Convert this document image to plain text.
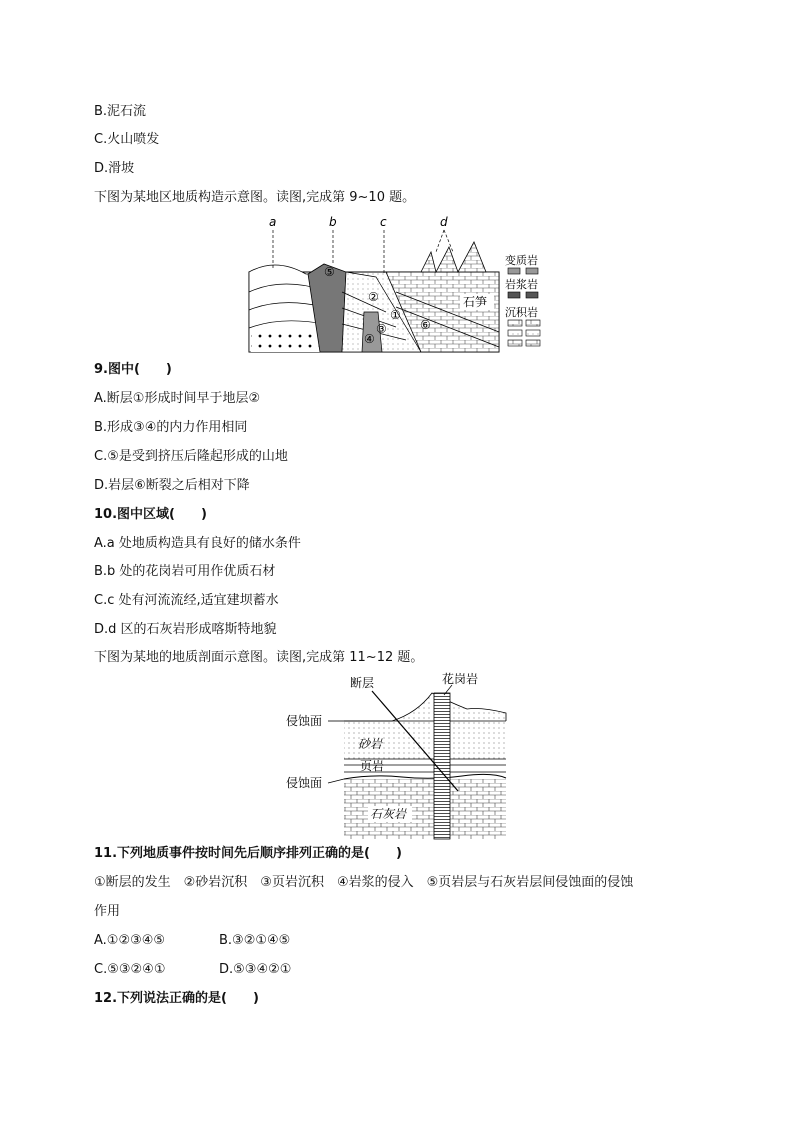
B.泥石流
C.火山喷发
D.滑坡
下图为某地区地质构造示意图。读图,完成第 9~10 题。
a	b	c	d
⑤
②
①
③
④
⑥
石笋
变质岩
岩浆岩
沉积岩
9.图中(　　)
A.断层①形成时间早于地层②
B.形成③④的内力作用相同
C.⑤是受到挤压后隆起形成的山地
D.岩层⑥断裂之后相对下降
10.图中区域(　　)
A.a 处地质构造具有良好的储水条件
B.b 处的花岗岩可用作优质石材
C.c 处有河流流经,适宜建坝蓄水
D.d 区的石灰岩形成喀斯特地貌
下图为某地的地质剖面示意图。读图,完成第 11~12 题。
断层	花岗岩
侵蚀面
砂岩
页岩
侵蚀面
石灰岩
11.下列地质事件按时间先后顺序排列正确的是(　　)
①断层的发生　②砂岩沉积　③页岩沉积　④岩浆的侵入　⑤页岩层与石灰岩层间侵蚀面的侵蚀
作用
A.①②③④⑤	B.③②①④⑤
C.⑤③②④①	D.⑤③④②①
12.下列说法正确的是(　　)
